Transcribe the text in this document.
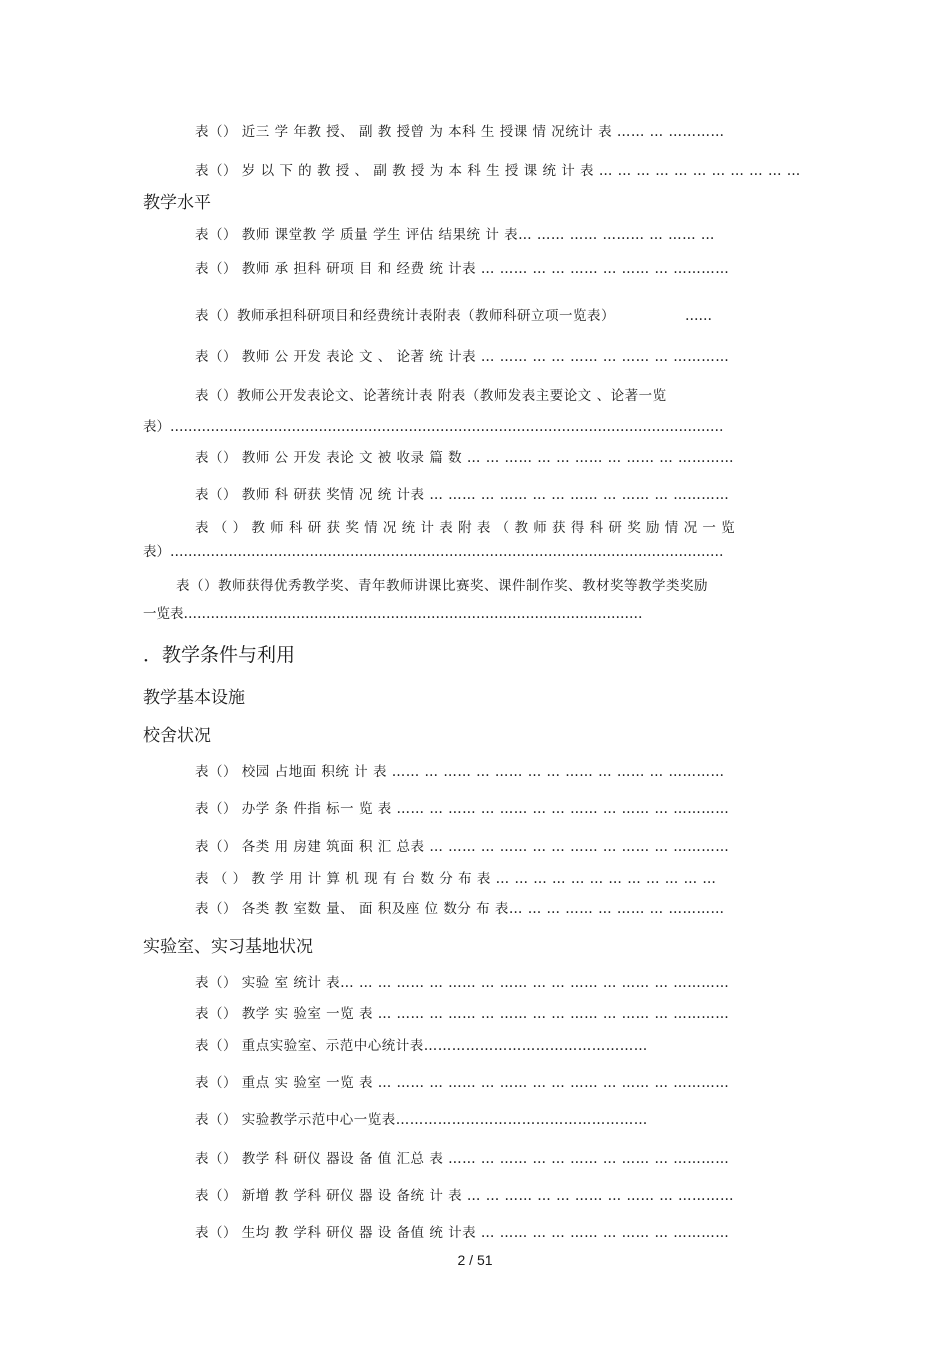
表（） 近三 学 年教 授、 副 教 授曾 为 本科 生 授课 情 况统计 表 …… … …………
表（） 岁 以 下 的 教 授 、 副 教 授 为 本 科 生 授 课 统 计 表 … … … … … … … … … … …
教学水平
表（） 教师 课堂教 学 质量 学生 评估 结果统 计 表… …… …… ……… … …… …
表（） 教师 承 担科 研项 目 和 经费 统 计表 … …… … … …… … …… … …………
表（）教师承担科研项目和经费统计表附表（教师科研立项一览表）	……
表（） 教师 公 开发 表论 文 、 论著 统 计表 … …… … … …… … …… … …………
表（）教师公开发表论文、论著统计表 附表（教师发表主要论文 、论著一览
表）……………………………………………………………………………………………………………
表（） 教师 公 开发 表论 文 被 收录 篇 数 … … …… … … …… … …… … …………
表（） 教师 科 研获 奖情 况 统 计表 … …… … …… … … …… … …… … …………
表 （ ） 教 师 科 研 获 奖 情 况 统 计 表 附 表 （ 教 师 获 得 科 研 奖 励 情 况 一 览
表）……………………………………………………………………………………………………………
表（）教师获得优秀教学奖、青年教师讲课比赛奖、课件制作奖、教材奖等教学类奖励
一览表…………………………………………………………………………………………
．教学条件与利用
教学基本设施
校舍状况
表（） 校园 占地面 积统 计 表 …… … …… … …… … … …… … …… … …………
表（） 办学 条 件指 标一 览 表 …… … …… … …… … … …… … …… … …………
表（） 各类 用 房建 筑面 积 汇 总表 … …… … …… … … …… … …… … …………
表 （ ） 教 学 用 计 算 机 现 有 台 数 分 布 表 … … … … … … … … … … … …
表（） 各类 教 室数 量、 面 积及座 位 数分 布 表… … … …… … …… … …………
实验室、实习基地状况
表（） 实验 室 统计 表… … … …… … …… … …… … … …… … …… … …………
表（） 教学 实 验室 一览 表 … …… … …… … …… … … …… … …… … …………
表（） 重点实验室、示范中心统计表…………………………………………
表（） 重点 实 验室 一览 表 … …… … …… … …… … … …… … …… … …………
表（） 实验教学示范中心一览表………………………………………………
表（） 教学 科 研仪 器设 备 值 汇总 表 …… … …… … … …… … …… … …………
表（） 新增 教 学科 研仪 器 设 备统 计 表 … … …… … … …… … …… … …………
表（） 生均 教 学科 研仪 器 设 备值 统 计表 … …… … … …… … …… … …………
2 / 51
